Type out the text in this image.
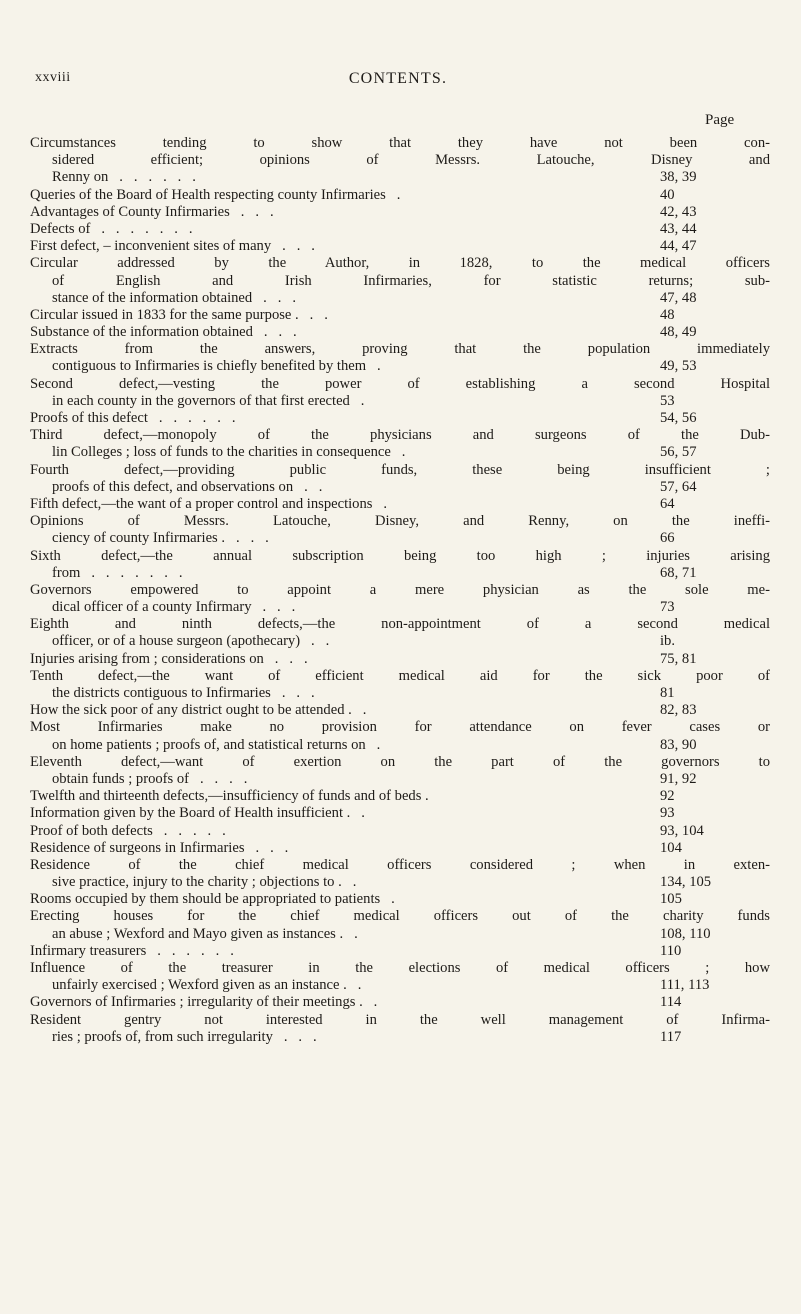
xxviii	CONTENTS.
Page
Circumstances tending to show that they have not been con-
sidered efficient; opinions of Messrs. Latouche, Disney and
Renny on   .   .   .   .   .   .	38, 39
Queries of the Board of Health respecting county Infirmaries   .	40
Advantages of County Infirmaries   .   .   .	42, 43
Defects of   .   .   .   .   .   .   .	43, 44
First defect, – inconvenient sites of many   .   .   .	44, 47
Circular addressed by the Author, in 1828, to the medical officers
of English and Irish Infirmaries, for statistic returns; sub-
stance of the information obtained   .   .   .	47, 48
Circular issued in 1833 for the same purpose .   .   .	48
Substance of the information obtained   .   .   .	48, 49
Extracts from the answers, proving that the population immediately
contiguous to Infirmaries is chiefly benefited by them   .	49, 53
Second defect,—vesting the power of establishing a second Hospital
in each county in the governors of that first erected   .	53
Proofs of this defect   .   .   .   .   .   .	54, 56
Third defect,—monopoly of the physicians and surgeons of the Dub-
lin Colleges ; loss of funds to the charities in consequence   .	56, 57
Fourth defect,—providing public funds, these being insufficient ;
proofs of this defect, and observations on   .   .	57, 64
Fifth defect,—the want of a proper control and inspections   .	64
Opinions of Messrs. Latouche, Disney, and Renny, on the ineffi-
ciency of county Infirmaries .   .   .   .	66
Sixth defect,—the annual subscription being too high ; injuries arising
from   .   .   .   .   .   .   .	68, 71
Governors empowered to appoint a mere physician as the sole me-
dical officer of a county Infirmary   .   .   .	73
Eighth and ninth defects,—the non-appointment of a second medical
officer, or of a house surgeon (apothecary)   .   .	ib.
Injuries arising from ; considerations on   .   .   .	75, 81
Tenth defect,—the want of efficient medical aid for the sick poor of
the districts contiguous to Infirmaries   .   .   .	81
How the sick poor of any district ought to be attended .   .	82, 83
Most Infirmaries make no provision for attendance on fever cases or
on home patients ; proofs of, and statistical returns on   .	83, 90
Eleventh defect,—want of exertion on the part of the governors to
obtain funds ; proofs of   .   .   .   .	91, 92
Twelfth and thirteenth defects,—insufficiency of funds and of beds .	92
Information given by the Board of Health insufficient .   .	93
Proof of both defects   .   .   .   .   .	93, 104
Residence of surgeons in Infirmaries   .   .   .	104
Residence of the chief medical officers considered ; when in exten-
sive practice, injury to the charity ; objections to .   .	134, 105
Rooms occupied by them should be appropriated to patients   .	105
Erecting houses for the chief medical officers out of the charity funds
an abuse ; Wexford and Mayo given as instances .   .	108, 110
Infirmary treasurers   .   .   .   .   .   .	110
Influence of the treasurer in the elections of medical officers ; how
unfairly exercised ; Wexford given as an instance .   .	111, 113
Governors of Infirmaries ; irregularity of their meetings .   .	114
Resident gentry not interested in the well management of Infirma-
ries ; proofs of, from such irregularity   .   .   .	117
